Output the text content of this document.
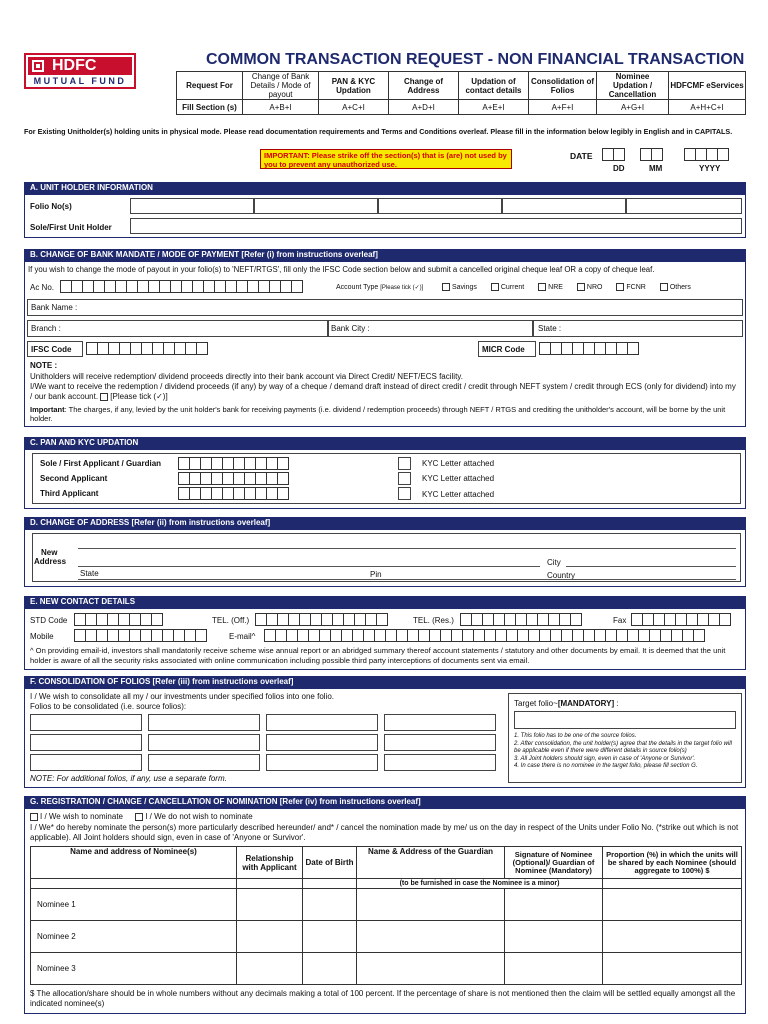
HDFC
MUTUAL FUND
COMMON TRANSACTION REQUEST - NON FINANCIAL TRANSACTION
Request For	Change of Bank Details / Mode of payout	PAN & KYC Updation	Change of Address	Updation of contact details	Consolidation of Folios	Nominee Updation / Cancellation	HDFCMF eServices
Fill Section (s)	A+B+I	A+C+I	A+D+I	A+E+I	A+F+I	A+G+I	A+H+C+I
For Existing Unitholder(s) holding units in physical mode. Please read documentation requirements and Terms and Conditions overleaf. Please fill in the information below legibly in English and in CAPITALS.
IMPORTANT: Please strike off the section(s) that is (are) not used by you to prevent any unauthorized use.
DATE
DD	MM	YYYY
A. UNIT HOLDER INFORMATION
Folio No(s)
Sole/First Unit Holder
B. CHANGE OF BANK MANDATE / MODE OF PAYMENT [Refer (i) from instructions overleaf]
If you wish to change the mode of payout in your folio(s) to 'NEFT/RTGS', fill only the IFSC Code section below and submit a cancelled original cheque leaf OR a copy of cheque leaf.
Ac No.	Account Type [Please tick (✓)]	Savings	Current	NRE	NRO	FCNR	Others
Bank Name :
Branch :	Bank City :	State :
IFSC Code	MICR Code
NOTE :
Unitholders will receive redemption/ dividend proceeds directly into their bank account via Direct Credit/ NEFT/ECS facility.
I/We want to receive the redemption / dividend proceeds (if any) by way of a cheque / demand draft instead of direct credit / credit through NEFT system / credit through ECS (only for dividend) into my / our bank account. [Please tick (✓)]
Important: The charges, if any, levied by the unit holder's bank for receiving payments (i.e. dividend / redemption proceeds) through NEFT / RTGS and crediting the unitholder's account, will be borne by the unit holder.
C. PAN AND KYC UPDATION
Sole / First Applicant / Guardian
Second Applicant
Third Applicant
KYC Letter attached
KYC Letter attached
KYC Letter attached
D. CHANGE OF ADDRESS [Refer (ii) from instructions overleaf]
New
Address	City
State	Pin	Country
E. NEW CONTACT DETAILS
STD Code	TEL. (Off.)	TEL. (Res.)	Fax
Mobile	E-mail^
^ On providing email-id, investors shall mandatorily receive scheme wise annual report or an abridged summary thereof account statements / statutory and other documents by email. It is deemed that the unit holder is aware of all the security risks associated with online communication including possible third party interceptions of documents sent via email.
F. CONSOLIDATION OF FOLIOS [Refer (iii) from instructions overleaf]
I / We wish to consolidate all my / our investments under specified folios into one folio.
Folios to be consolidated (i.e. source folios):
NOTE: For additional folios, if any, use a separate form.
Target folio~[MANDATORY] :
1. This folio has to be one of the source folios.
2. After consolidation, the unit holder(s) agree that the details in the target folio will be applicable even if there were different details in source folio(s)
3. All Joint holders should sign, even in case of 'Anyone or Survivor'.
4. In case there is no nominee in the target folio, please fill section G.
G. REGISTRATION / CHANGE / CANCELLATION OF NOMINATION [Refer (iv) from instructions overleaf]
I / We wish to nominate	I / We do not wish to nominate
I / We* do hereby nominate the person(s) more particularly described hereunder/ and* / cancel the nomination made by me/ us on the day in respect of the Units under Folio No. (*strike out which is not applicable). All Joint holders should sign, even in case of 'Anyone or Survivor'.
Name and address of Nominee(s)	Relationship with Applicant	Date of Birth	Name & Address of the Guardian	Signature of Nominee (Optional)/ Guardian of Nominee (Mandatory)	Proportion (%) in which the units will be shared by each Nominee (should aggregate to 100%) $
			(to be furnished in case the Nominee is a minor)		
Nominee 1					
Nominee 2					
Nominee 3					
$ The allocation/share should be in whole numbers without any decimals making a total of 100 percent. If the percentage of share is not mentioned then the claim will be settled equally amongst all the indicated nominee(s)
